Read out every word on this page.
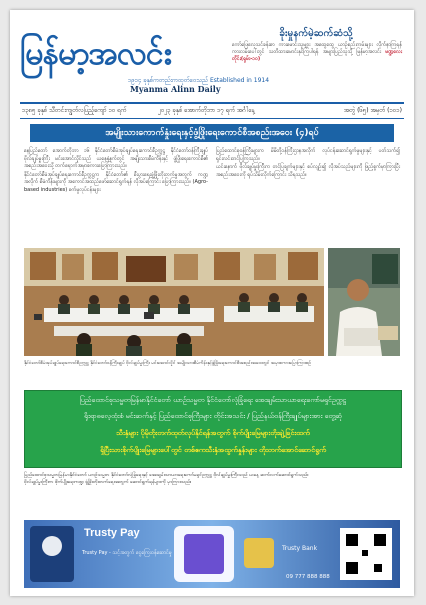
မြန်မာ့အလင်း
၁၉၁၄ ခုနှစ်ကတည်းကထုတ်ဝေသည် Established in 1914
Myanma Alinn Daily
ခိုးမှုနက်မဲ့ဆက်ဆံသို့
ကော်ဖြေလေ့သင်ခန်းစာ ကားမောင်းသူများ အထွေထွေ ယာဉ်စည်းကမ်းများ လိုက်နာကြရန် ကားလမ်းပေါ်တွင် သတိထားမောင်းနှင်ကြပါရန် အများပြည်သူသို့ မြန်မာ့အလင်း မဏ္ဍလေးတိုင်း(ရှမ်း-၁၀)
၁၃၈၅ ခုနှစ် သီတင်းကျွတ်လပြည့်ကျော် ၁၀ ရက်	၂၀၂၃ ခုနှစ် အောက်တိုဘာ ၁၇ ရက် အင်္ဂါနေ့	အတွဲ (၆၅) အမှတ် (၁၀၁)
အမျိုးသားကောက်နှုံးရေးနှင့်ဖွံ့ဖြိုးရေးကောင်စီအစည်းအဝေး (၄)ရပ်

နေပြည်တော် အောက်တိုဘာ ၁၆ နိုင်ငံတော်စီမံအုပ်ချုပ်ရေးကောင်စီဥက္ကဋ္ဌ နိုင်ငံတော်ဝန်ကြီးချုပ် ဗိုလ်ချုပ်မှူးကြီး မင်းအောင်လှိုင်သည် ယနေ့နံနက်တွင် အမျိုးသားစီမံကိန်းနှင့် ဖွံ့ဖြိုးရေးကောင်စီ၏ အစည်းအဝေးသို့ တက်ရောက်အမှာစကားပြောကြားသည်။

နိုင်ငံတော်စီမံအုပ်ချုပ်ရေးကောင်စီဥက္ကဋ္ဌက နိုင်ငံတော်၏ စီးပွားရေးဖွံ့ဖြိုးတိုးတက်မှုအတွက် ကဏ္ဍအလိုက် စီမံကိန်းများကို အကောင်အထည်ဖော်ဆောင်ရွက်ရန် လိုအပ်ကြောင်း ပြောကြားသည်။ (Agro-based industries) စက်မှုလုပ်ငန်းများ

ပြည်ထောင်စုဝန်ကြီးများက မိမိတို့ဝန်ကြီးဌာနအလိုက် လုပ်ငန်းဆောင်ရွက်မှုများနှင့် ပတ်သက်၍ ရှင်းလင်းတင်ပြကြသည်။

ယင်းနောက် ဗိုလ်ချုပ်မှူးကြီးက တင်ပြချက်များနှင့် စပ်လျဉ်း၍ လိုအပ်သည်များကို ဖြည့်စွက်မှာကြားပြီး အစည်းအဝေးကို ရုပ်သိမ်းလိုက်ကြောင်း သိရသည်။

နိုင်ငံတော်စီမံအုပ်ချုပ်ရေးကောင်စီဥက္ကဋ္ဌ နိုင်ငံတော်ဝန်ကြီးချုပ် ဗိုလ်ချုပ်မှူးကြီး မင်းအောင်လှိုင် အမျိုးသားစီမံကိန်းနှင့်ဖွံ့ဖြိုးရေးကောင်စီအစည်းအဝေးတွင် အမှာစကားပြောကြားစဉ်
ပြည်ထောင်စုသမ္မတမြန်မာနိုင်ငံတော် ယာဉ်သမ္မတ နိုင်ငံတော်လုံခြုံရေး အေးချမ်းသာယာရေးကော်မရှင်ဥက္ကဋ္ဌ
ရိုးရာဓလေ့ထုံးစံ မင်းဆက်နှင့် ပြည်ထောင်စုကြီးများ တိုင်းအသင်း / ပြည်နယ်ဝန်ကြီးချုပ်များအား တွေ့ဆုံ
သီးနှံများ ပိုမိုတိုးတက်ထုတ်လုပ်နိုင်ရန်အတွက် စိုက်ပျိုးမြေများတိုးချဲ့ခြင်းထက်
ရှိပြီးသားစိုက်ပျိုးမြေများပေါ်တွင် တစ်ဧကသီးနှံအထွက်နှုန်းများ တိုးတက်အောင်ဆောင်ရွက်
ပြည်ထောင်စုသမ္မတမြန်မာနိုင်ငံတော် ယာဉ်သမ္မတ နိုင်ငံတော်လုံခြုံရေးနှင့် အေးချမ်းသာယာရေးကော်မရှင်ဥက္ကဋ္ဌ ဗိုလ်ချုပ်မှူးကြီးသည် ယနေ့ ဆက်လက်ဆောင်ရွက်သည်။
ဗိုလ်ချုပ်မှူးကြီးက စိုက်ပျိုးရေးကဏ္ဍ ဖွံ့ဖြိုးတိုးတက်ရေးအတွက် ဆောင်ရွက်ရန်များကို မှာကြားသည်။
Trusty Pay
Trusty Pay - သင့်အတွက် ငွေကြေးဝန်ဆောင်မှု
Trusty Bank
09 777 888 888
